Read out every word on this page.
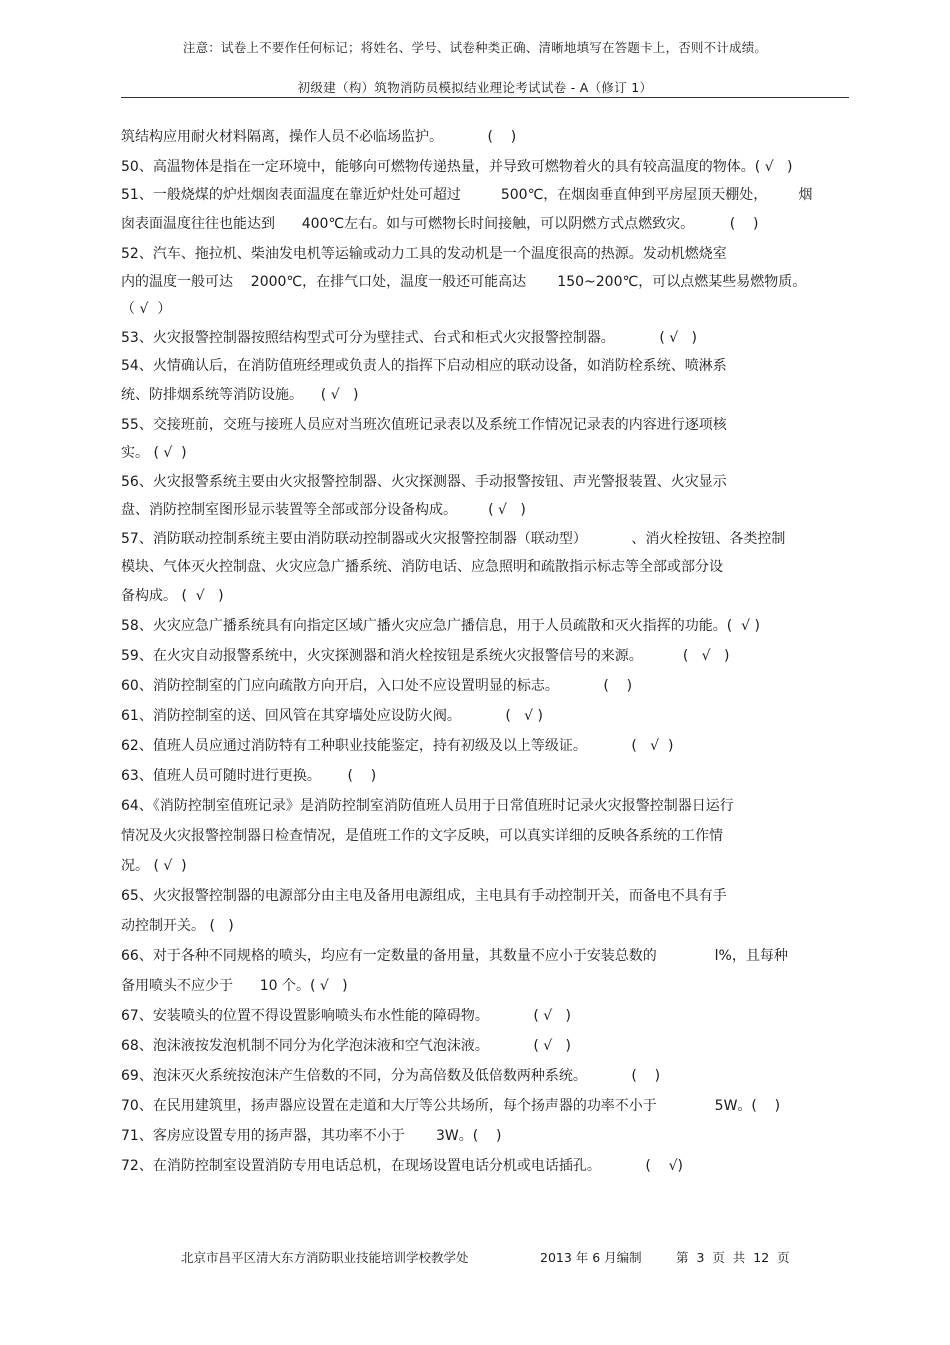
注意：试卷上不要作任何标记；将姓名、学号、试卷种类正确、清晰地填写在答题卡上，否则不计成绩。
初级建（构）筑物消防员模拟结业理论考试试卷 - A（修订 1）
筑结构应用耐火材料隔离，操作人员不必临场监护。          (    )
50、高温物体是指在一定环境中，能够向可燃物传递热量，并导致可燃物着火的具有较高温度的物体。( √   )
51、一般烧煤的炉灶烟囱表面温度在靠近炉灶处可超过         500℃，在烟囱垂直伸到平房屋顶天棚处，       烟
囱表面温度往往也能达到      400℃左右。如与可燃物长时间接触，可以阴燃方式点燃致灾。        (    )
52、汽车、拖拉机、柴油发电机等运输或动力工具的发动机是一个温度很高的热源。发动机燃烧室
内的温度一般可达    2000℃，在排气口处，温度一般还可能高达       150~200℃，可以点燃某些易燃物质。
（ √  ）
53、火灾报警控制器按照结构型式可分为壁挂式、台式和柜式火灾报警控制器。          ( √   )
54、火情确认后，在消防值班经理或负责人的指挥下启动相应的联动设备，如消防栓系统、喷淋系
统、防排烟系统等消防设施。    ( √   )
55、交接班前，交班与接班人员应对当班次值班记录表以及系统工作情况记录表的内容进行逐项核
实。 ( √  )
56、火灾报警系统主要由火灾报警控制器、火灾探测器、手动报警按钮、声光警报装置、火灾显示
盘、消防控制室图形显示装置等全部或部分设备构成。       ( √   )
57、消防联动控制系统主要由消防联动控制器或火灾报警控制器（联动型）          、消火栓按钮、各类控制
模块、气体灭火控制盘、火灾应急广播系统、消防电话、应急照明和疏散指示标志等全部或部分设
备构成。 (  √   )
58、火灾应急广播系统具有向指定区域广播火灾应急广播信息，用于人员疏散和灭火指挥的功能。(  √ )
59、在火灾自动报警系统中，火灾探测器和消火栓按钮是系统火灾报警信号的来源。         (   √   )
60、消防控制室的门应向疏散方向开启，入口处不应设置明显的标志。          (    )
61、消防控制室的送、回风管在其穿墙处应设防火阀。          (   √ )
62、值班人员应通过消防特有工种职业技能鉴定，持有初级及以上等级证。          (   √  )
63、值班人员可随时进行更换。      (    )
64、《消防控制室值班记录》是消防控制室消防值班人员用于日常值班时记录火灾报警控制器日运行
情况及火灾报警控制器日检查情况，是值班工作的文字反映，可以真实详细的反映各系统的工作情
况。 ( √  )
65、火灾报警控制器的电源部分由主电及备用电源组成，主电具有手动控制开关，而备电不具有手
动控制开关。 (   )
66、对于各种不同规格的喷头，均应有一定数量的备用量，其数量不应小于安装总数的             l%，且每种
备用喷头不应少于      10 个。( √   )
67、安装喷头的位置不得设置影响喷头布水性能的障碍物。          ( √   )
68、泡沫液按发泡机制不同分为化学泡沫液和空气泡沫液。          ( √   )
69、泡沫灭火系统按泡沫产生倍数的不同，分为高倍数及低倍数两种系统。          (    )
70、在民用建筑里，扬声器应设置在走道和大厅等公共场所，每个扬声器的功率不小于             5W。(    )
71、客房应设置专用的扬声器，其功率不小于       3W。(    )
72、在消防控制室设置消防专用电话总机，在现场设置电话分机或电话插孔。          (    √)
北京市昌平区清大东方消防职业技能培训学校教学处	2013 年 6 月编制	第  3  页  共  12  页
